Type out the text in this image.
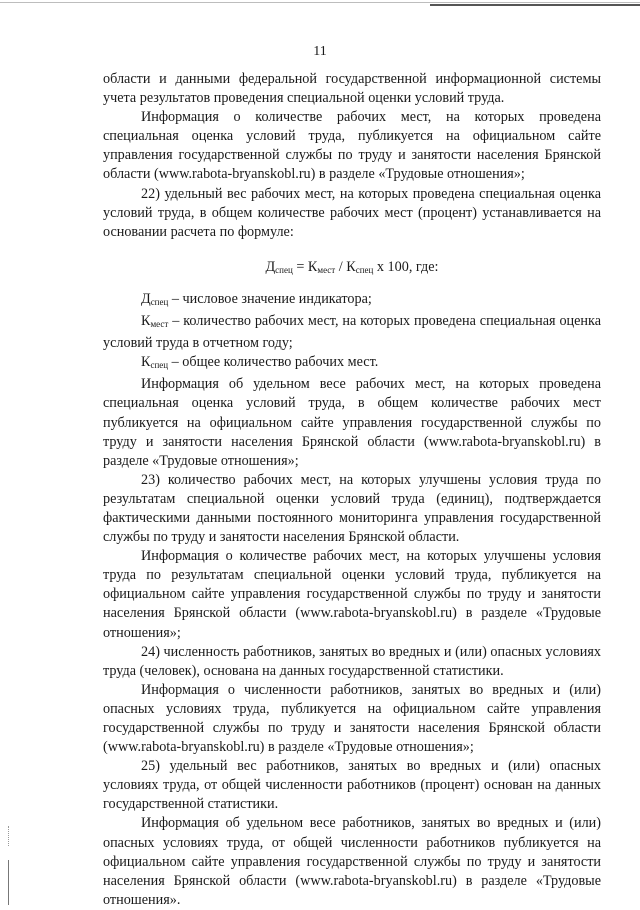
11

области и данными федеральной государственной информационной системы учета результатов проведения специальной оценки условий труда.

Информация о количестве рабочих мест, на которых проведена специальная оценка условий труда, публикуется на официальном сайте управления государственной службы по труду и занятости населения Брянской области (www.rabota-bryanskobl.ru) в разделе «Трудовые отношения»;

22) удельный вес рабочих мест, на которых проведена специальная оценка условий труда, в общем количестве рабочих мест (процент) устанавливается на основании расчета по формуле:

$Д_{спец} = К_{мест} / К_{спец}$ x 100, где:

$Д_{спец}$ – числовое значение индикатора;

$К_{мест}$ – количество рабочих мест, на которых проведена специальная оценка условий труда в отчетном году;

$К_{спец}$ – общее количество рабочих мест.

Информация об удельном весе рабочих мест, на которых проведена специальная оценка условий труда, в общем количестве рабочих мест публикуется на официальном сайте управления государственной службы по труду и занятости населения Брянской области (www.rabota-bryanskobl.ru) в разделе «Трудовые отношения»;

23) количество рабочих мест, на которых улучшены условия труда по результатам специальной оценки условий труда (единиц), подтверждается фактическими данными постоянного мониторинга управления государственной службы по труду и занятости населения Брянской области.

Информация о количестве рабочих мест, на которых улучшены условия труда по результатам специальной оценки условий труда, публикуется на официальном сайте управления государственной службы по труду и занятости населения Брянской области (www.rabota-bryanskobl.ru) в разделе «Трудовые отношения»;

24) численность работников, занятых во вредных и (или) опасных условиях труда (человек), основана на данных государственной статистики.

Информация о численности работников, занятых во вредных и (или) опасных условиях труда, публикуется на официальном сайте управления государственной службы по труду и занятости населения Брянской области (www.rabota-bryanskobl.ru) в разделе «Трудовые отношения»;

25) удельный вес работников, занятых во вредных и (или) опасных условиях труда, от общей численности работников (процент) основан на данных государственной статистики.

Информация об удельном весе работников, занятых во вредных и (или) опасных условиях труда, от общей численности работников публикуется на официальном сайте управления государственной службы по труду и занятости населения Брянской области (www.rabota-bryanskobl.ru) в разделе «Трудовые отношения».
